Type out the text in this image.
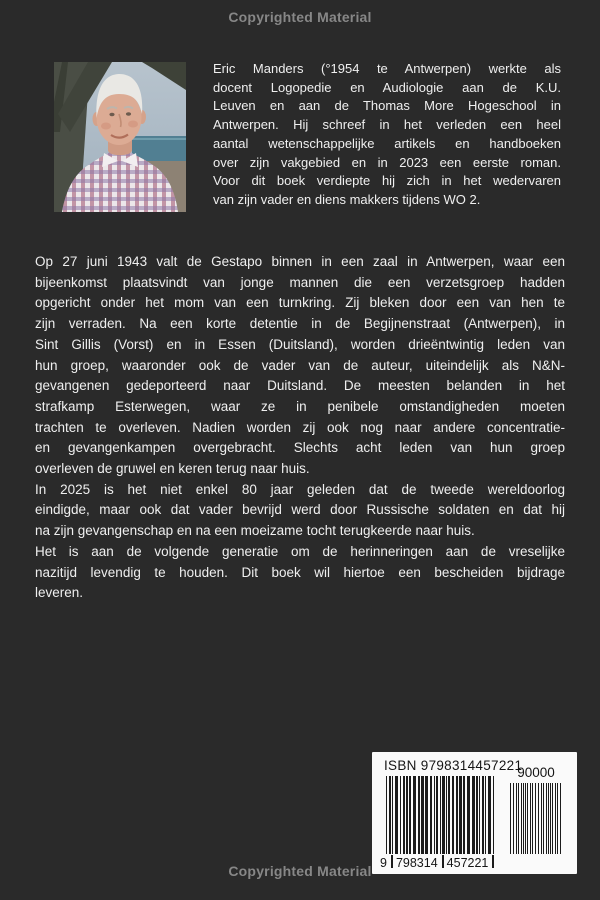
Copyrighted Material
Eric Manders (°1954 te Antwerpen) werkte als
docent Logopedie en Audiologie aan de K.U.
Leuven en aan de Thomas More Hogeschool in
Antwerpen. Hij schreef in het verleden een heel
aantal wetenschappelijke artikels en handboeken
over zijn vakgebied en in 2023 een eerste roman.
Voor dit boek verdiepte hij zich in het wedervaren
van zijn vader en diens makkers tijdens WO 2.
Op 27 juni 1943 valt de Gestapo binnen in een zaal in Antwerpen, waar een
bijeenkomst plaatsvindt van jonge mannen die een verzetsgroep hadden
opgericht onder het mom van een turnkring. Zij bleken door een van hen te
zijn verraden. Na een korte detentie in de Begijnenstraat (Antwerpen), in
Sint Gillis (Vorst) en in Essen (Duitsland), worden drieëntwintig leden van
hun groep, waaronder ook de vader van de auteur, uiteindelijk als N&N-
gevangenen gedeporteerd naar Duitsland. De meesten belanden in het
strafkamp Esterwegen, waar ze in penibele omstandigheden moeten
trachten te overleven. Nadien worden zij ook nog naar andere concentratie-
en gevangenkampen overgebracht. Slechts acht leden van hun groep
overleven de gruwel en keren terug naar huis.
In 2025 is het niet enkel 80 jaar geleden dat de tweede wereldoorlog
eindigde, maar ook dat vader bevrijd werd door Russische soldaten en dat hij
na zijn gevangenschap en na een moeizame tocht terugkeerde naar huis.
Het is aan de volgende generatie om de herinneringen aan de vreselijke
nazitijd levendig te houden. Dit boek wil hiertoe een bescheiden bijdrage
leveren.
ISBN 9798314457221
90000
9 798314 457221
Copyrighted Material
